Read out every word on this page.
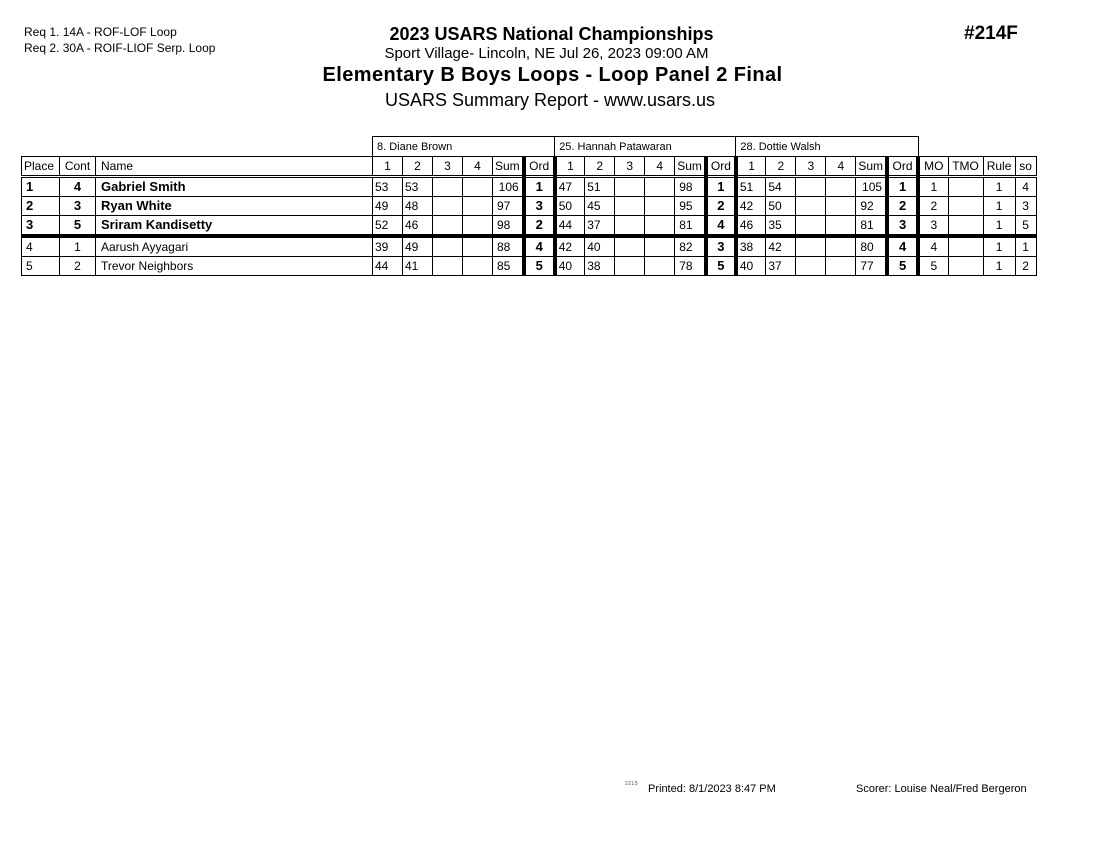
Req 1. 14A - ROF-LOF Loop
Req 2. 30A - ROIF-LIOF Serp. Loop
2023 USARS National Championships
Sport Village- Lincoln, NE Jul 26, 2023 09:00 AM
Elementary B Boys Loops - Loop Panel 2 Final
USARS Summary Report - www.usars.us
#214F
			8. Diane Brown						25. Hannah Patawaran						28. Dottie Walsh									
Place	Cont	Name	1	2	3	4	Sum	Ord	1	2	3	4	Sum	Ord	1	2	3	4	Sum	Ord	MO	TMO	Rule	so
1	4	Gabriel Smith	53	53			106	1	47	51			98	1	51	54			105	1	1		1	4
2	3	Ryan White	49	48			97	3	50	45			95	2	42	50			92	2	2		1	3
3	5	Sriram Kandisetty	52	46			98	2	44	37			81	4	46	35			81	3	3		1	5
4	1	Aarush Ayyagari	39	49			88	4	42	40			82	3	38	42			80	4	4		1	1
5	2	Trevor Neighbors	44	41			85	5	40	38			78	5	40	37			77	5	5		1	2
2215 Printed: 8/1/2023 8:47 PM	Scorer: Louise Neal/Fred Bergeron
